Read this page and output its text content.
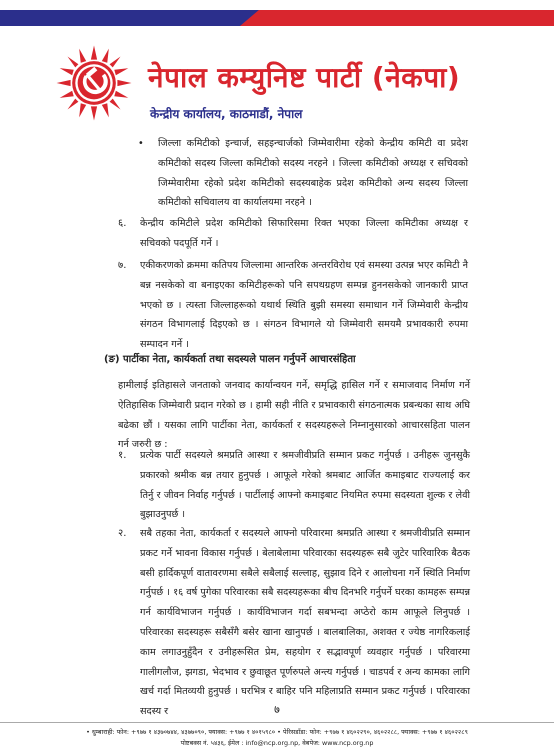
नेपाल कम्युनिष्ट पार्टी (नेकपा)
केन्द्रीय कार्यालय, काठमाडौं, नेपाल
• जिल्ला कमिटीको इन्चार्ज, सहइन्चार्जको जिम्मेवारीमा रहेको केन्द्रीय कमिटी वा प्रदेश कमिटीको सदस्य जिल्ला कमिटीको सदस्य नरहने । जिल्ला कमिटीको अध्यक्ष र सचिवको जिम्मेवारीमा रहेको प्रदेश कमिटीको सदस्यबाहेक प्रदेश कमिटीको अन्य सदस्य जिल्ला कमिटीको सचिवालय वा कार्यालयमा नरहने ।
६. केन्द्रीय कमिटीले प्रदेश कमिटीको सिफारिसमा रिक्त भएका जिल्ला कमिटीका अध्यक्ष र सचिवको पदपूर्ति गर्ने ।
७. एकीकरणको क्रममा कतिपय जिल्लामा आन्तरिक अन्तरविरोध एवं समस्या उत्पन्न भएर कमिटी नै बन्न नसकेको वा बनाइएका कमिटीहरूको पनि सपथग्रहण सम्पन्न हुननसकेको जानकारी प्राप्त भएको छ । त्यस्ता जिल्लाहरूको यथार्थ स्थिति बुझी समस्या समाधान गर्ने जिम्मेवारी केन्द्रीय संगठन विभागलाई दिइएको छ । संगठन विभागले यो जिम्मेवारी समयमै प्रभावकारी रुपमा सम्पादन गर्ने ।
(ङ) पार्टीका नेता, कार्यकर्ता तथा सदस्यले पालन गर्नुपर्ने आचारसंहिता
हामीलाई इतिहासले जनताको जनवाद कार्यान्वयन गर्ने, समृद्धि हासिल गर्ने र समाजवाद निर्माण गर्ने ऐतिहासिक जिम्मेवारी प्रदान गरेको छ । हामी सही नीति र प्रभावकारी संगठनात्मक प्रबन्धका साथ अघि बढेका छौं । यसका लागि पार्टीका नेता, कार्यकर्ता र सदस्यहरूले निम्नानुसारको आचारसहिता पालन गर्न जरुरी छ :
१. प्रत्येक पार्टी सदस्यले श्रमप्रति आस्था र श्रमजीवीप्रति सम्मान प्रकट गर्नुपर्छ । उनीहरू जुनसुकै प्रकारको श्रमीक बन्न तयार हुनुपर्छ । आफूले गरेको श्रमबाट आर्जित कमाइबाट राज्यलाई कर तिर्नु र जीवन निर्वाह गर्नुपर्छ । पार्टीलाई आफ्नो कमाइबाट नियमित रुपमा सदस्यता शुल्क र लेवी बुझाउनुपर्छ ।
२. सबै तहका नेता, कार्यकर्ता र सदस्यले आफ्नो परिवारमा श्रमप्रति आस्था र श्रमजीवीप्रति सम्मान प्रकट गर्ने भावना विकास गर्नुपर्छ । बेलाबेलामा परिवारका सदस्यहरू सबै जुटेर पारिवारिक बैठक बसी हार्दिकपूर्ण वातावरणमा सबैले सबैलाई सल्लाह, सुझाव दिने र आलोचना गर्ने स्थिति निर्माण गर्नुपर्छ । १६ वर्ष पुगेका परिवारका सबै सदस्यहरूका बीच दिनभरि गर्नुपर्ने घरका कामहरू सम्पन्न गर्न कार्यविभाजन गर्नुपर्छ । कार्यविभाजन गर्दा सबभन्दा अप्ठेरो काम आफूले लिनुपर्छ । परिवारका सदस्यहरू सबैसँगै बसेर खाना खानुपर्छ । बालबालिका, अशक्त र ज्येष्ठ नागरिकलाई काम लगाउनुहुँदैन र उनीहरूसित प्रेम, सहयोग र सद्भावपूर्ण व्यवहार गर्नुपर्छ । परिवारमा गालीगलौज, झगडा, भेदभाव र छुवाछूत पूर्णरुपले अन्त्य गर्नुपर्छ । चाडपर्व र अन्य कामका लागि खर्च गर्दा मितव्ययी हुनुपर्छ । घरभित्र र बाहिर पनि महिलाप्रति सम्मान प्रकट गर्नुपर्छ । परिवारका सदस्य र	७
• धुम्बाराही: फोन: +९७७ १ ४३७०७४४, ४३७७०९०, फ्याक्स: +९७७ १ ४०१५९८० • पेरिसडाँडा: फोन: +९७७ १ ४६०२२९०, ४६०२२८८, फ्याक्स: +९७७ १ ४६०२२८९
पोष्टबक्स नं. ५४३६, ईमेल : info@ncp.org.np, वेबपेज: www.ncp.org.np
